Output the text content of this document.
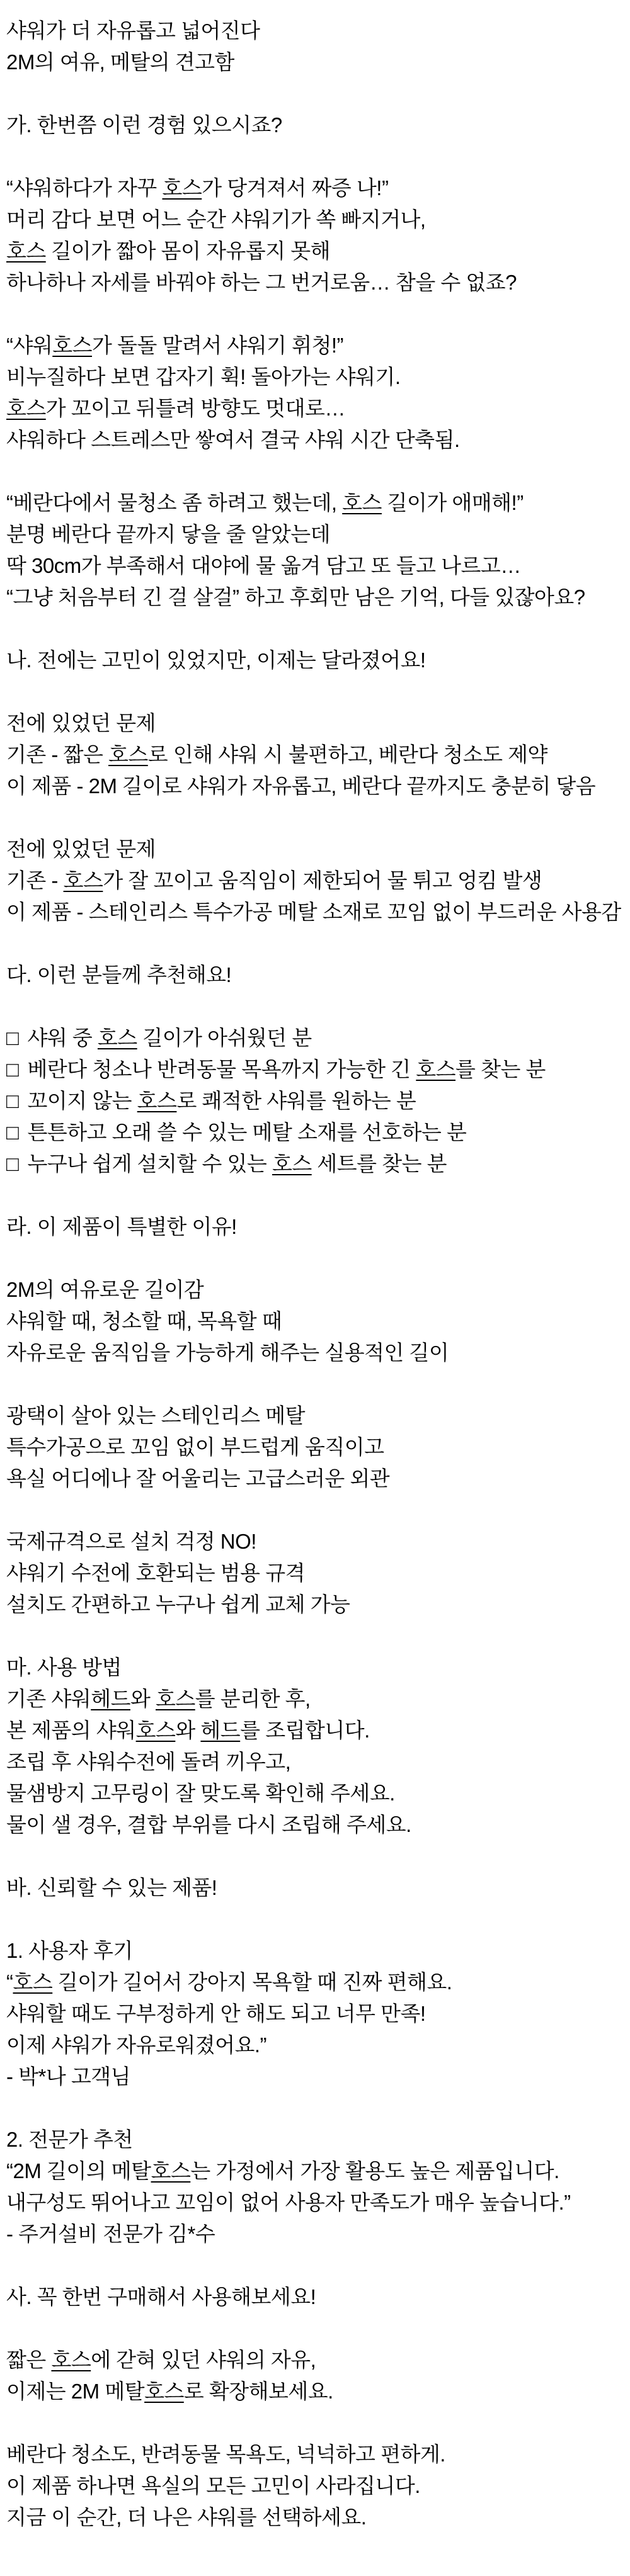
샤워가 더 자유롭고 넓어진다
2M의 여유, 메탈의 견고함

가. 한번쯤 이런 경험 있으시죠?

“샤워하다가 자꾸 호스가 당겨져서 짜증 나!”
머리 감다 보면 어느 순간 샤워기가 쏙 빠지거나,
호스 길이가 짧아 몸이 자유롭지 못해
하나하나 자세를 바꿔야 하는 그 번거로움… 참을 수 없죠?

“샤워호스가 돌돌 말려서 샤워기 휘청!”
비누질하다 보면 갑자기 휙! 돌아가는 샤워기.
호스가 꼬이고 뒤틀려 방향도 멋대로…
샤워하다 스트레스만 쌓여서 결국 샤워 시간 단축됨.

“베란다에서 물청소 좀 하려고 했는데, 호스 길이가 애매해!”
분명 베란다 끝까지 닿을 줄 알았는데
딱 30cm가 부족해서 대야에 물 옮겨 담고 또 들고 나르고…
“그냥 처음부터 긴 걸 살걸” 하고 후회만 남은 기억, 다들 있잖아요?

나. 전에는 고민이 있었지만, 이제는 달라졌어요!

전에 있었던 문제
기존 - 짧은 호스로 인해 샤워 시 불편하고, 베란다 청소도 제약
이 제품 - 2M 길이로 샤워가 자유롭고, 베란다 끝까지도 충분히 닿음

전에 있었던 문제
기존 - 호스가 잘 꼬이고 움직임이 제한되어 물 튀고 엉킴 발생
이 제품 - 스테인리스 특수가공 메탈 소재로 꼬임 없이 부드러운 사용감

다. 이런 분들께 추천해요!

□ 샤워 중 호스 길이가 아쉬웠던 분
□ 베란다 청소나 반려동물 목욕까지 가능한 긴 호스를 찾는 분
□ 꼬이지 않는 호스로 쾌적한 샤워를 원하는 분
□ 튼튼하고 오래 쓸 수 있는 메탈 소재를 선호하는 분
□ 누구나 쉽게 설치할 수 있는 호스 세트를 찾는 분

라. 이 제품이 특별한 이유!

2M의 여유로운 길이감
샤워할 때, 청소할 때, 목욕할 때
자유로운 움직임을 가능하게 해주는 실용적인 길이

광택이 살아 있는 스테인리스 메탈
특수가공으로 꼬임 없이 부드럽게 움직이고
욕실 어디에나 잘 어울리는 고급스러운 외관

국제규격으로 설치 걱정 NO!
샤워기 수전에 호환되는 범용 규격
설치도 간편하고 누구나 쉽게 교체 가능

마. 사용 방법
기존 샤워헤드와 호스를 분리한 후,
본 제품의 샤워호스와 헤드를 조립합니다.
조립 후 샤워수전에 돌려 끼우고,
물샘방지 고무링이 잘 맞도록 확인해 주세요.
물이 샐 경우, 결합 부위를 다시 조립해 주세요.

바. 신뢰할 수 있는 제품!

1. 사용자 후기
“호스 길이가 길어서 강아지 목욕할 때 진짜 편해요.
샤워할 때도 구부정하게 안 해도 되고 너무 만족!
이제 샤워가 자유로워졌어요.”
- 박*나 고객님

2. 전문가 추천
“2M 길이의 메탈호스는 가정에서 가장 활용도 높은 제품입니다.
내구성도 뛰어나고 꼬임이 없어 사용자 만족도가 매우 높습니다.”
- 주거설비 전문가 김*수

사. 꼭 한번 구매해서 사용해보세요!

짧은 호스에 갇혀 있던 샤워의 자유,
이제는 2M 메탈호스로 확장해보세요.

베란다 청소도, 반려동물 목욕도, 넉넉하고 편하게.
이 제품 하나면 욕실의 모든 고민이 사라집니다.
지금 이 순간, 더 나은 샤워를 선택하세요.
